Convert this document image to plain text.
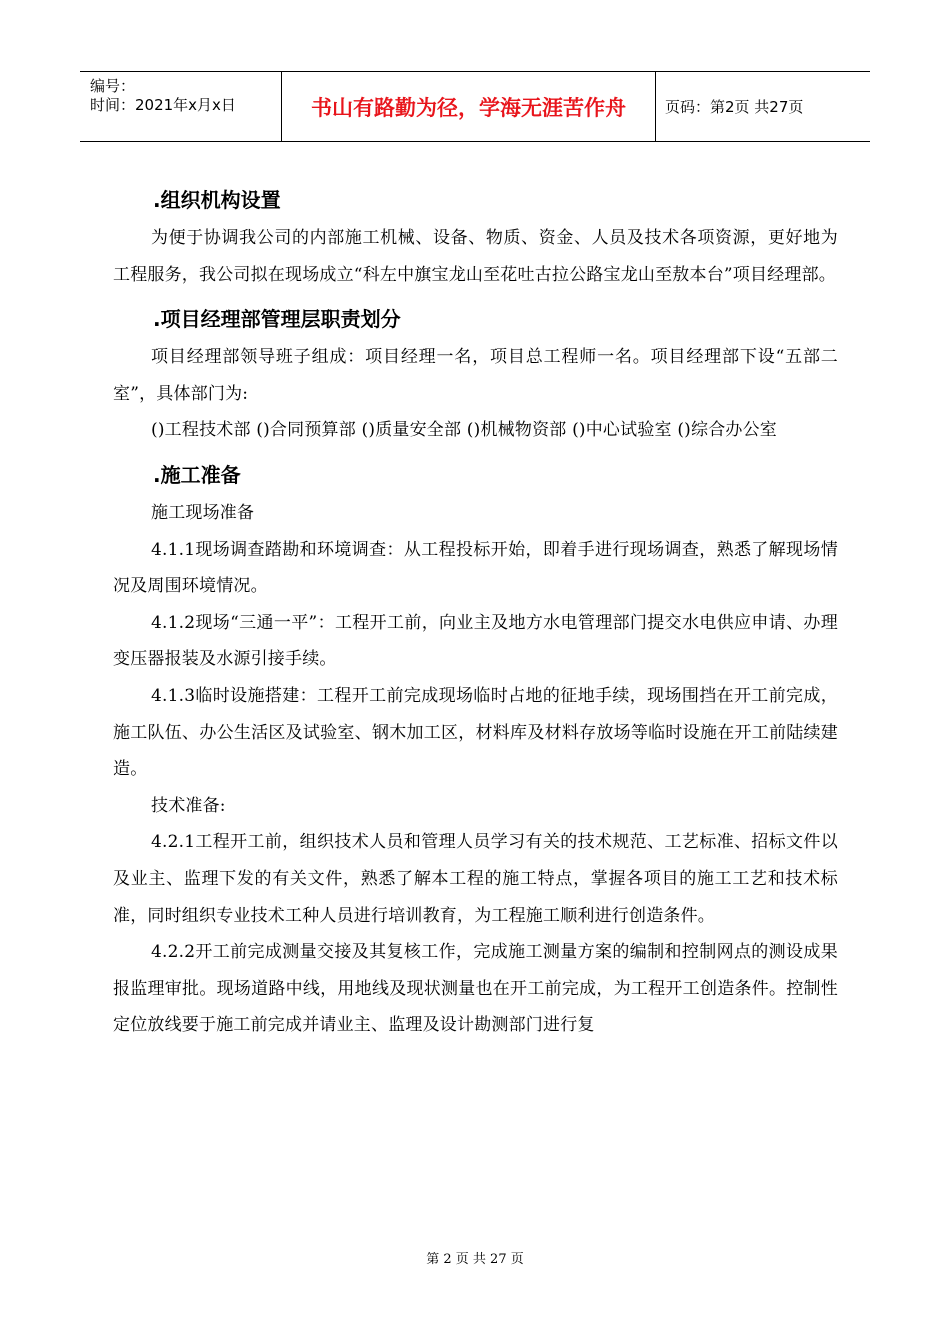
编号：
时间：2021年x月x日	书山有路勤为径，学海无涯苦作舟	页码：第2页 共27页
.组织机构设置

为便于协调我公司的内部施工机械、设备、物质、资金、人员及技术各项资源，更好地为工程服务，我公司拟在现场成立“科左中旗宝龙山至花吐古拉公路宝龙山至敖本台”项目经理部。

.项目经理部管理层职责划分

项目经理部领导班子组成：项目经理一名，项目总工程师一名。项目经理部下设“五部二室”，具体部门为:

()工程技术部 ()合同预算部 ()质量安全部 ()机械物资部 ()中心试验室 ()综合办公室

.施工准备

施工现场准备

4.1.1现场调查踏勘和环境调查：从工程投标开始，即着手进行现场调查，熟悉了解现场情况及周围环境情况。

4.1.2现场“三通一平”：工程开工前，向业主及地方水电管理部门提交水电供应申请、办理变压器报装及水源引接手续。

4.1.3临时设施搭建：工程开工前完成现场临时占地的征地手续，现场围挡在开工前完成，施工队伍、办公生活区及试验室、钢木加工区，材料库及材料存放场等临时设施在开工前陆续建造。

技术准备:

4.2.1工程开工前，组织技术人员和管理人员学习有关的技术规范、工艺标准、招标文件以及业主、监理下发的有关文件，熟悉了解本工程的施工特点，掌握各项目的施工工艺和技术标准，同时组织专业技术工种人员进行培训教育，为工程施工顺利进行创造条件。

4.2.2开工前完成测量交接及其复核工作，完成施工测量方案的编制和控制网点的测设成果报监理审批。现场道路中线，用地线及现状测量也在开工前完成，为工程开工创造条件。控制性定位放线要于施工前完成并请业主、监理及设计勘测部门进行复

第 2 页 共 27 页
